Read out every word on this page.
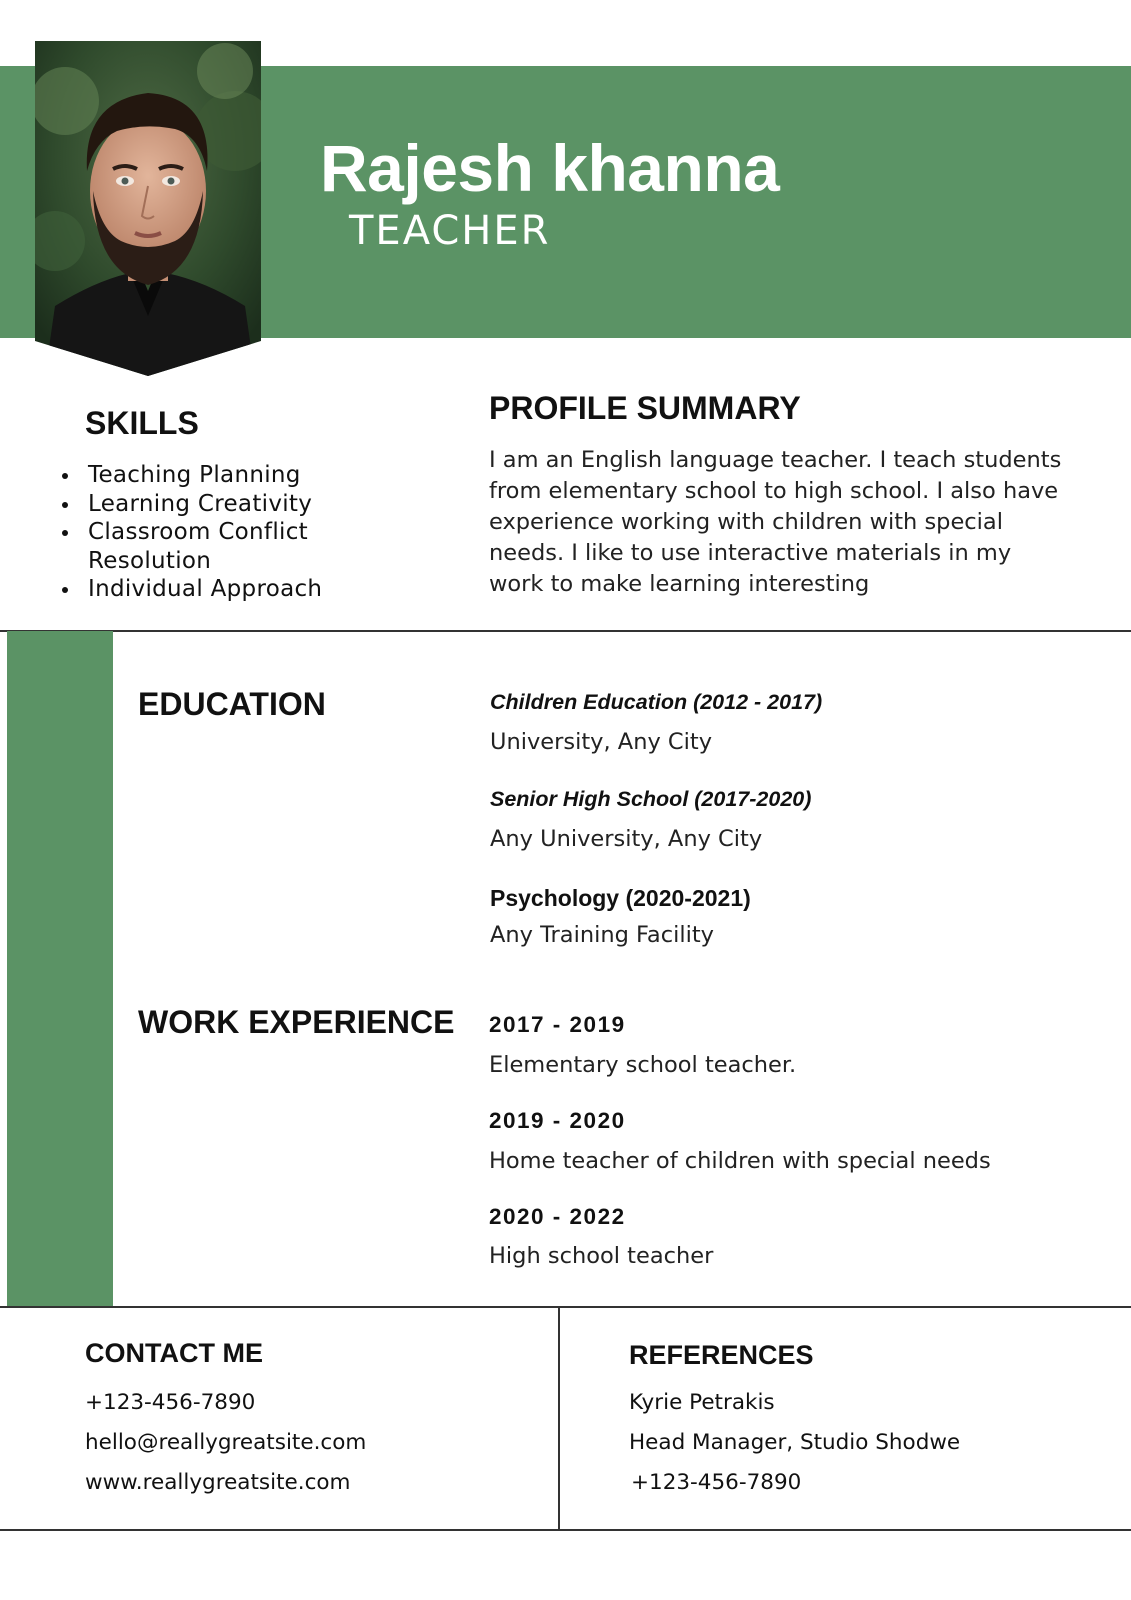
Rajesh khanna
TEACHER
SKILLS
Teaching Planning
Learning Creativity
Classroom Conflict Resolution
Individual Approach
PROFILE SUMMARY
I am an English language teacher. I teach students from elementary school to high school. I also have experience working with children with special needs. I like to use interactive materials in my work to make learning interesting
EDUCATION	Children Education (2012 - 2017)
University, Any City
Senior High School (2017-2020)
Any University, Any City
Psychology (2020-2021)
Any Training Facility
WORK EXPERIENCE 2017 - 2019
Elementary school teacher.
2019 - 2020
Home teacher of children with special needs
2020 - 2022
High school teacher
CONTACT ME
+123-456-7890
hello@reallygreatsite.com
www.reallygreatsite.com
REFERENCES
Kyrie Petrakis
Head Manager, Studio Shodwe
+123-456-7890
